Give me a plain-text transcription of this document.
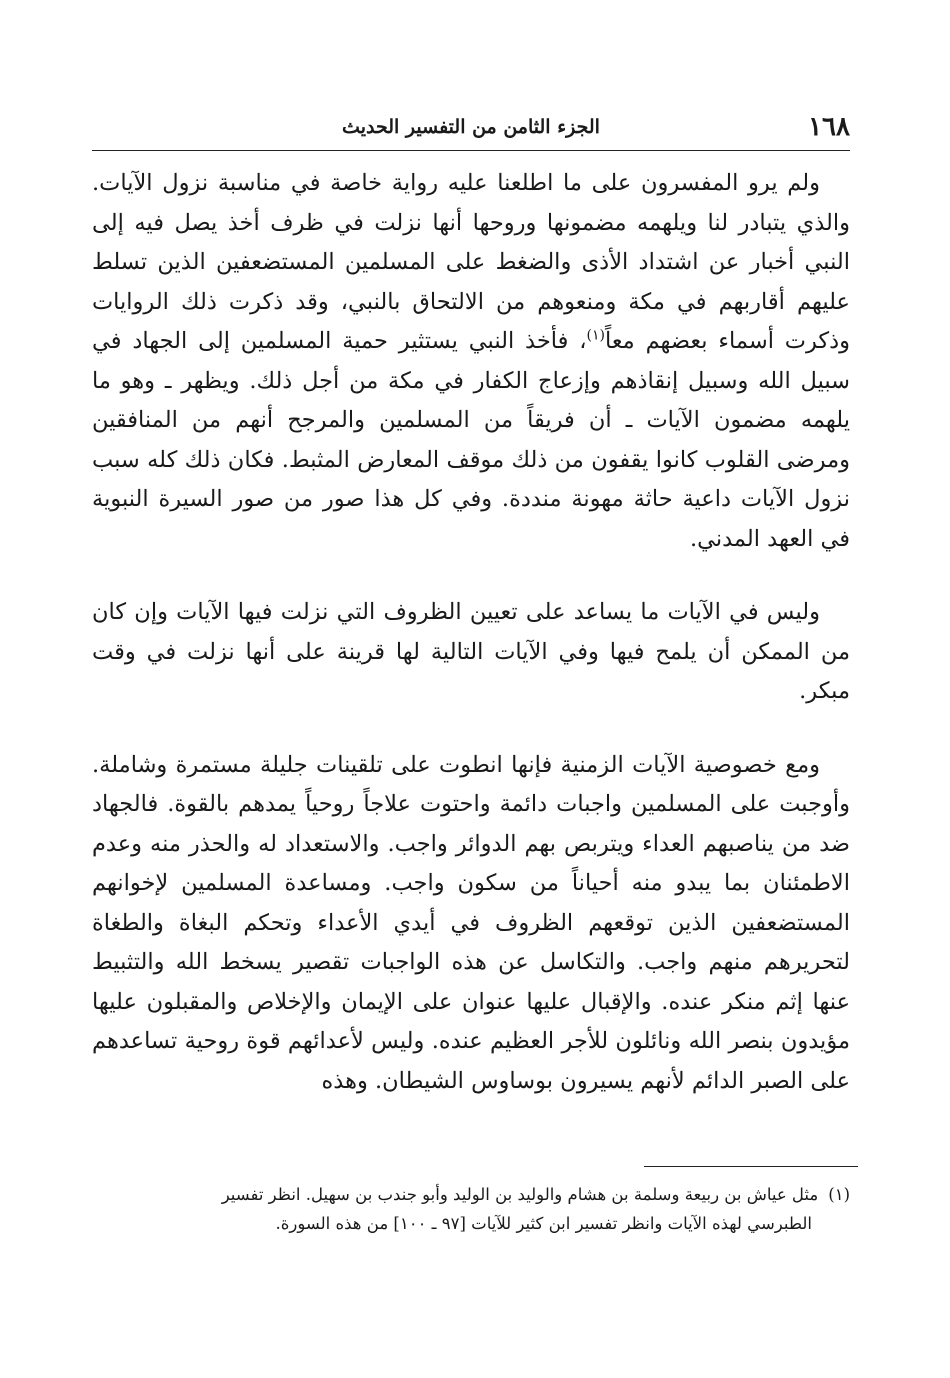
١٦٨
الجزء الثامن من التفسير الحديث

ولم يرو المفسرون على ما اطلعنا عليه رواية خاصة في مناسبة نزول الآيات. والذي يتبادر لنا ويلهمه مضمونها وروحها أنها نزلت في ظرف أخذ يصل فيه إلى النبي أخبار عن اشتداد الأذى والضغط على المسلمين المستضعفين الذين تسلط عليهم أقاربهم في مكة ومنعوهم من الالتحاق بالنبي، وقد ذكرت ذلك الروايات وذكرت أسماء بعضهم معاً$^{(١)}$، فأخذ النبي يستثير حمية المسلمين إلى الجهاد في سبيل الله وسبيل إنقاذهم وإزعاج الكفار في مكة من أجل ذلك. ويظهر ـ وهو ما يلهمه مضمون الآيات ـ أن فريقاً من المسلمين والمرجح أنهم من المنافقين ومرضى القلوب كانوا يقفون من ذلك موقف المعارض المثبط. فكان ذلك كله سبب نزول الآيات داعية حاثة مهونة منددة. وفي كل هذا صور من صور السيرة النبوية في العهد المدني.

وليس في الآيات ما يساعد على تعيين الظروف التي نزلت فيها الآيات وإن كان من الممكن أن يلمح فيها وفي الآيات التالية لها قرينة على أنها نزلت في وقت مبكر.

ومع خصوصية الآيات الزمنية فإنها انطوت على تلقينات جليلة مستمرة وشاملة. وأوجبت على المسلمين واجبات دائمة واحتوت علاجاً روحياً يمدهم بالقوة. فالجهاد ضد من يناصبهم العداء ويتربص بهم الدوائر واجب. والاستعداد له والحذر منه وعدم الاطمئنان بما يبدو منه أحياناً من سكون واجب. ومساعدة المسلمين لإخوانهم المستضعفين الذين توقعهم الظروف في أيدي الأعداء وتحكم البغاة والطغاة لتحريرهم منهم واجب. والتكاسل عن هذه الواجبات تقصير يسخط الله والتثبيط عنها إثم منكر عنده. والإقبال عليها عنوان على الإيمان والإخلاص والمقبلون عليها مؤيدون بنصر الله ونائلون للأجر العظيم عنده. وليس لأعدائهم قوة روحية تساعدهم على الصبر الدائم لأنهم يسيرون بوساوس الشيطان. وهذه

(١)مثل عياش بن ربيعة وسلمة بن هشام والوليد بن الوليد وأبو جندب بن سهيل. انظر تفسير
الطبرسي لهذه الآيات وانظر تفسير ابن كثير للآيات [٩٧ ـ ١٠٠] من هذه السورة.
